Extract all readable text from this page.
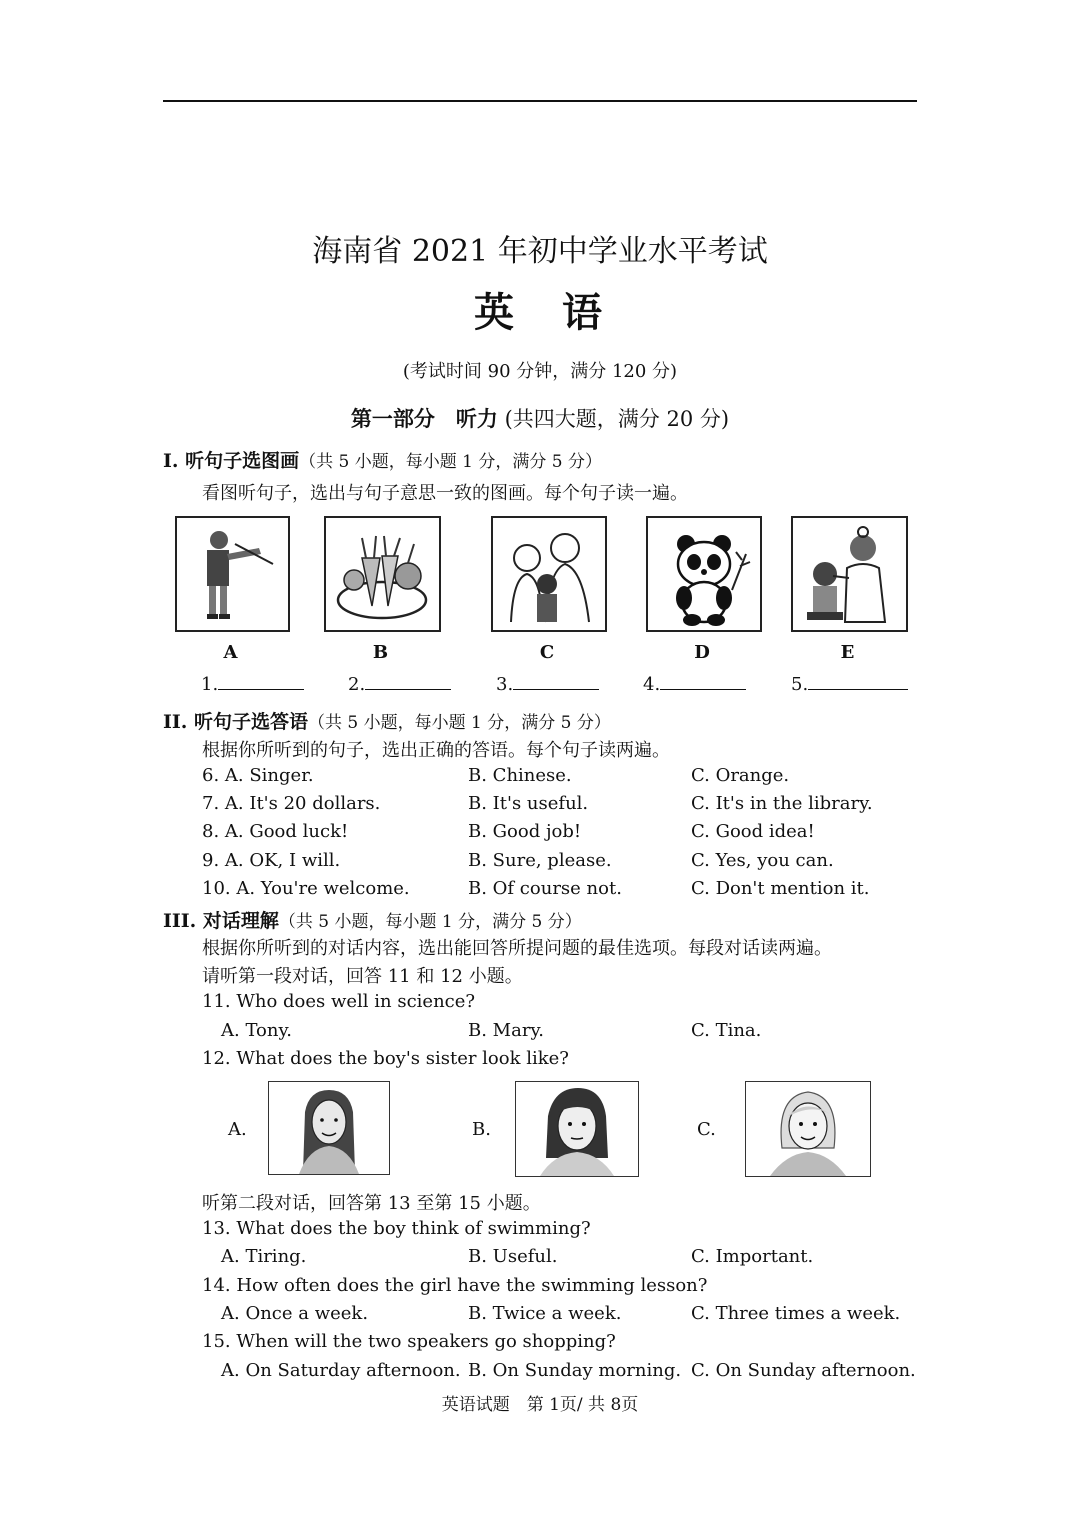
海南省 2021 年初中学业水平考试
英　语
(考试时间 90 分钟，满分 120 分)
第一部分　听力 (共四大题，满分 20 分)
I. 听句子选图画（共 5 小题，每小题 1 分，满分 5 分）
看图听句子，选出与句子意思一致的图画。每个句子读一遍。
A	B	C	D	E
1.	2.	3.	4.	5.
II. 听句子选答语（共 5 小题，每小题 1 分，满分 5 分）
根据你所听到的句子，选出正确的答语。每个句子读两遍。
6. A. Singer.	B. Chinese.	C. Orange.
7. A. It's 20 dollars.	B. It's useful.	C. It's in the library.
8. A. Good luck!	B. Good job!	C. Good idea!
9. A. OK, I will.	B. Sure, please.	C. Yes, you can.
10. A. You're welcome.	B. Of course not.	C. Don't mention it.
III. 对话理解（共 5 小题，每小题 1 分，满分 5 分）
根据你所听到的对话内容，选出能回答所提问题的最佳选项。每段对话读两遍。
请听第一段对话，回答 11 和 12 小题。
11. Who does well in science?
A. Tony.	B. Mary.	C. Tina.
12. What does the boy's sister look like?
A.	B.	C.
听第二段对话，回答第 13 至第 15 小题。
13. What does the boy think of swimming?
A. Tiring.	B. Useful.	C. Important.
14. How often does the girl have the swimming lesson?
A. Once a week.	B. Twice a week.	C. Three times a week.
15. When will the two speakers go shopping?
A. On Saturday afternoon. B. On Sunday morning. C. On Sunday afternoon.
英语试题　第 1页/ 共 8页
